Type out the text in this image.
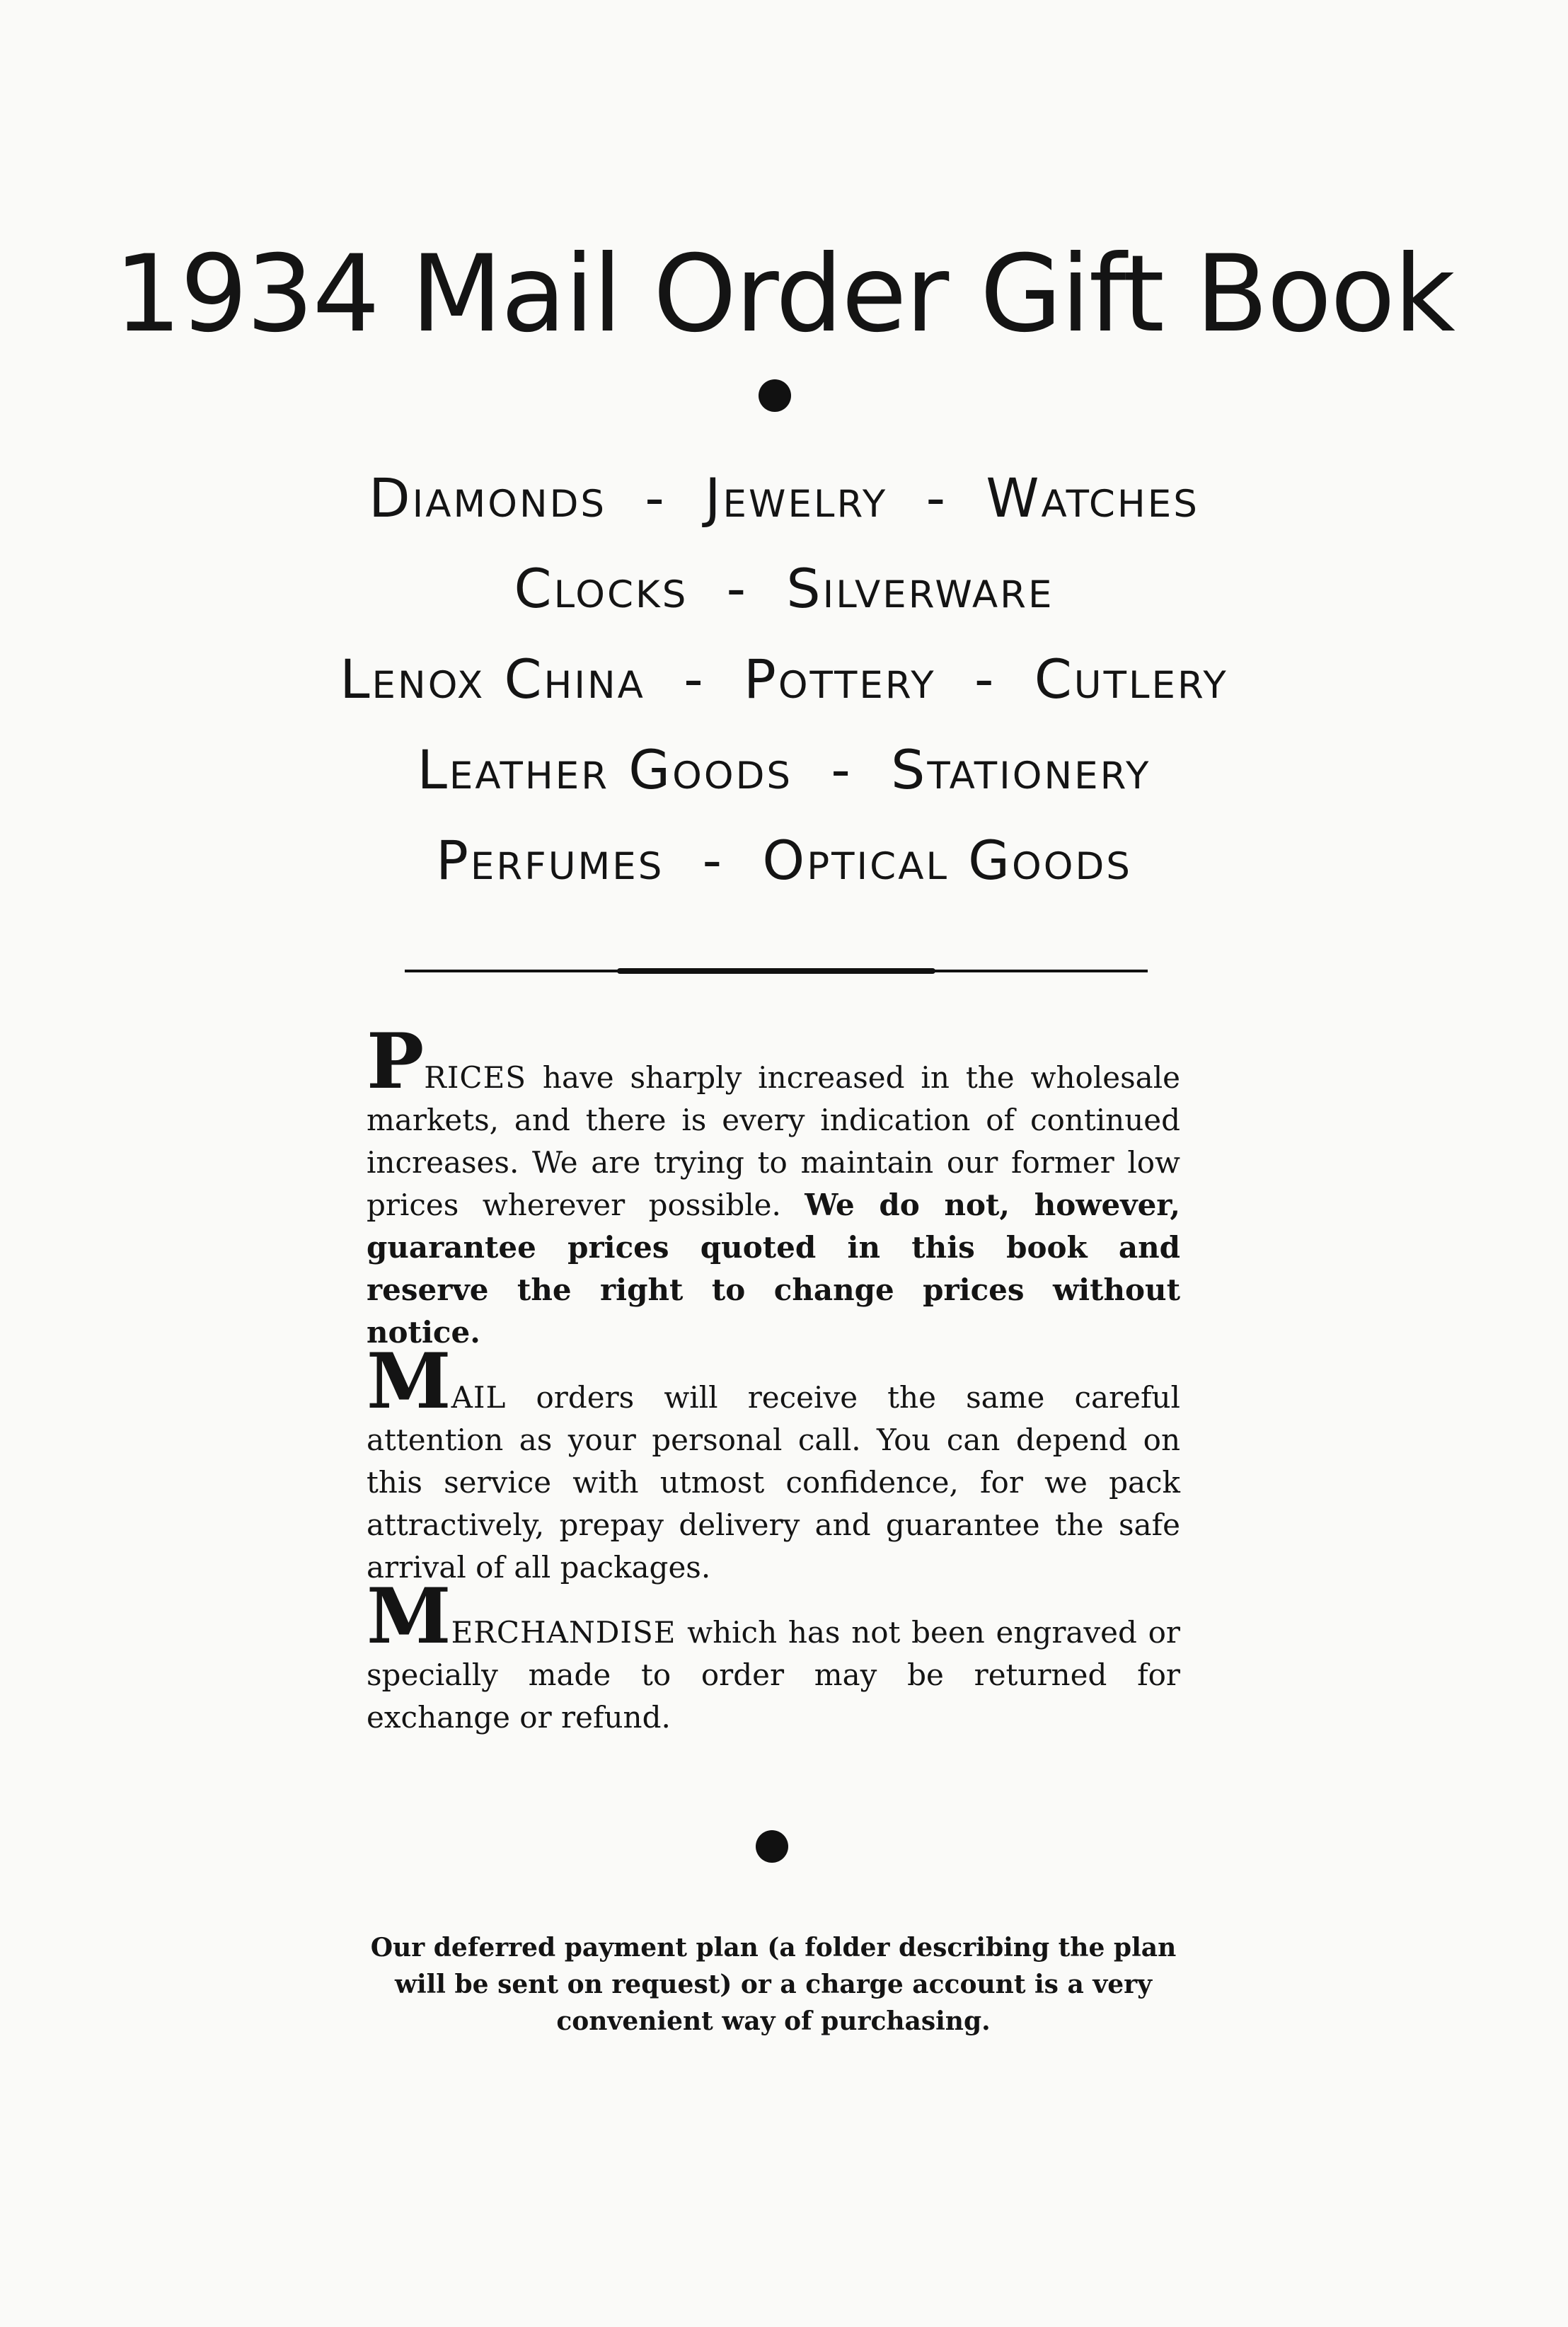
1934 Mail Order Gift Book
Diamonds  -  Jewelry  -  Watches
Clocks  -  Silverware
Lenox China  -  Pottery  -  Cutlery
Leather Goods  -  Stationery
Perfumes  -  Optical Goods

PRICES have sharply increased in the wholesale markets, and there is every indication of continued increases. We are trying to maintain our former low prices wherever possible. We do not, however, guarantee prices quoted in this book and reserve the right to change prices without notice.

MAIL orders will receive the same careful attention as your personal call. You can depend on this service with utmost confidence, for we pack attractively, prepay delivery and guarantee the safe arrival of all packages.

MERCHANDISE which has not been engraved or specially made to order may be returned for exchange or refund.

Our deferred payment plan (a folder describing the plan will be sent on request) or a charge account is a very convenient way of purchasing.
